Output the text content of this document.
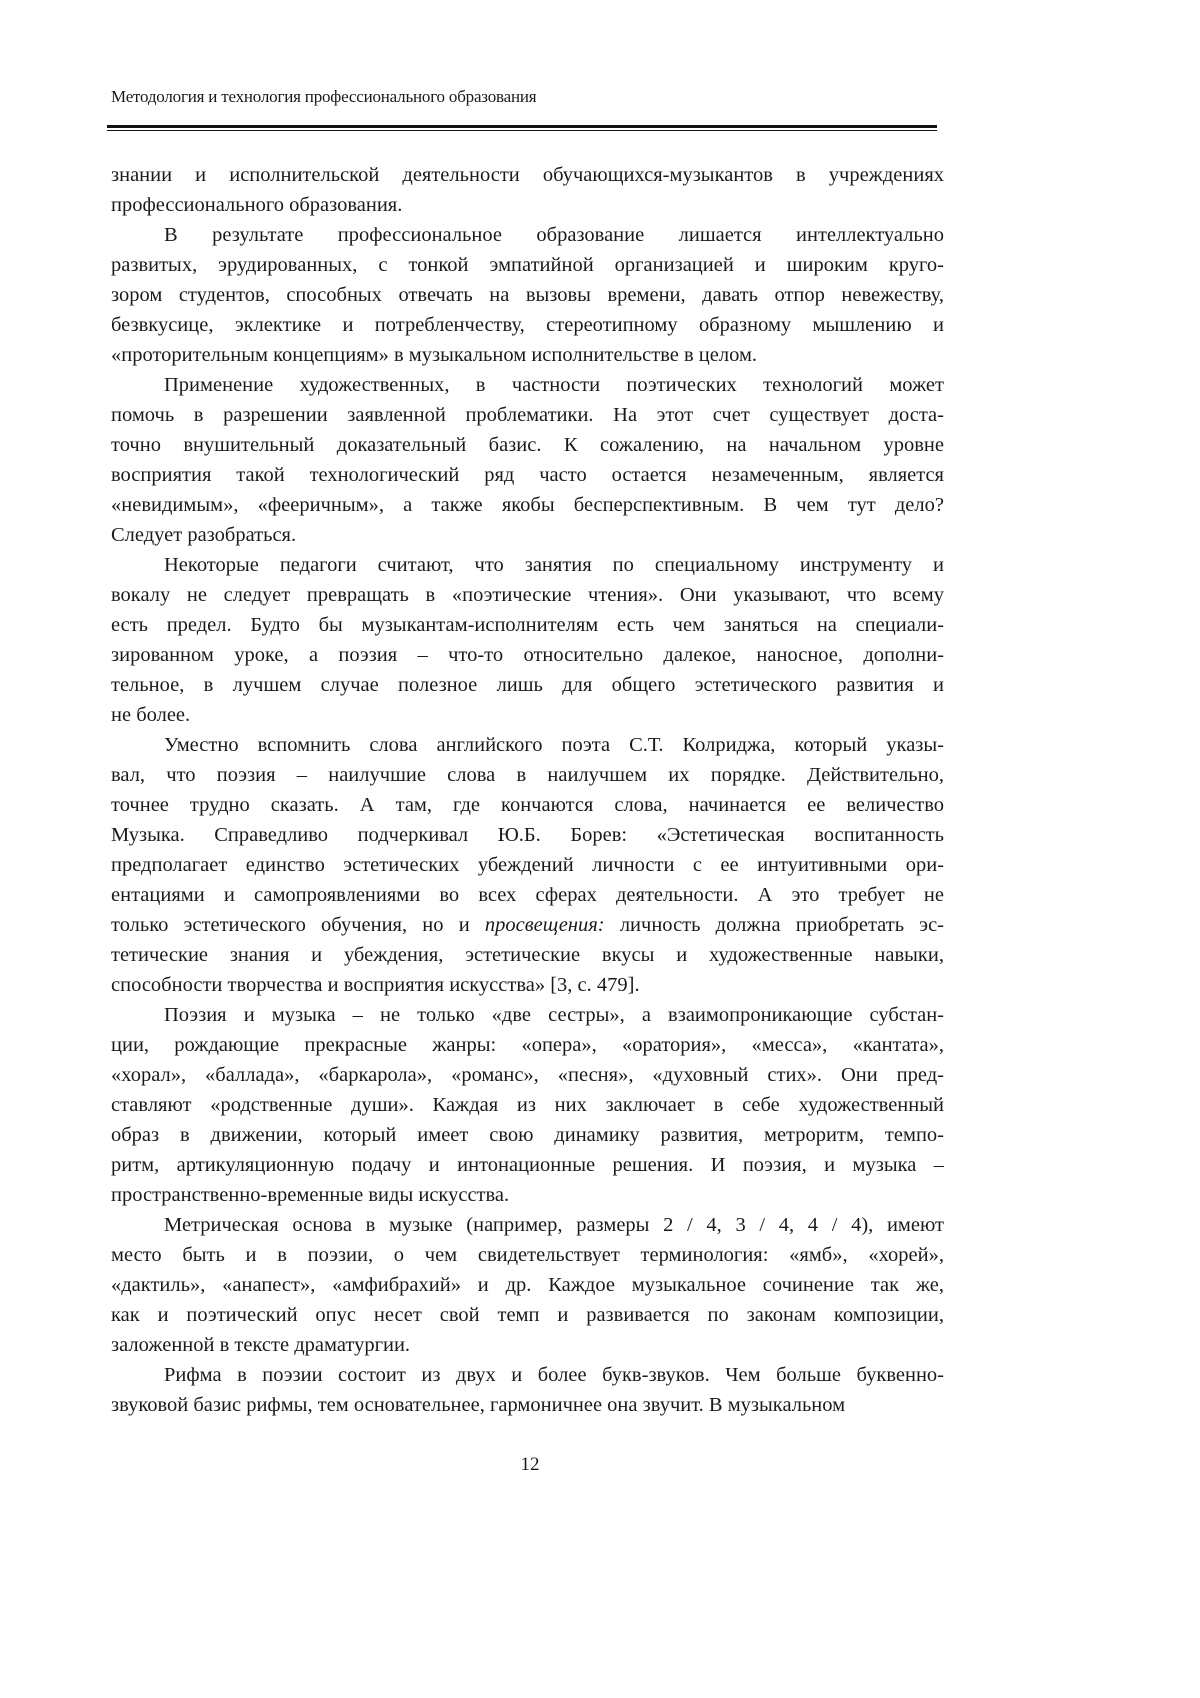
Методология и технология профессионального образования
знании и исполнительской деятельности обучающихся-музыкантов в учреждениях
профессионального образования.
В результате профессиональное образование лишается интеллектуально
развитых, эрудированных, с тонкой эмпатийной организацией и широким круго-
зором студентов, способных отвечать на вызовы времени, давать отпор невежеству,
безвкусице, эклектике и потребленчеству, стереотипному образному мышлению и
«проторительным концепциям» в музыкальном исполнительстве в целом.
Применение художественных, в частности поэтических технологий может
помочь в разрешении заявленной проблематики. На этот счет существует доста-
точно внушительный доказательный базис. К сожалению, на начальном уровне
восприятия такой технологический ряд часто остается незамеченным, является
«невидимым», «фееричным», а также якобы бесперспективным. В чем тут дело?
Следует разобраться.
Некоторые педагоги считают, что занятия по специальному инструменту и
вокалу не следует превращать в «поэтические чтения». Они указывают, что всему
есть предел. Будто бы музыкантам-исполнителям есть чем заняться на специали-
зированном уроке, а поэзия – что-то относительно далекое, наносное, дополни-
тельное, в лучшем случае полезное лишь для общего эстетического развития и
не более.
Уместно вспомнить слова английского поэта С.Т. Колриджа, который указы-
вал, что поэзия – наилучшие слова в наилучшем их порядке. Действительно,
точнее трудно сказать. А там, где кончаются слова, начинается ее величество
Музыка. Справедливо подчеркивал Ю.Б. Борев: «Эстетическая воспитанность
предполагает единство эстетических убеждений личности с ее интуитивными ори-
ентациями и самопроявлениями во всех сферах деятельности. А это требует не
только эстетического обучения, но и просвещения: личность должна приобретать эс-
тетические знания и убеждения, эстетические вкусы и художественные навыки,
способности творчества и восприятия искусства» [3, с. 479].
Поэзия и музыка – не только «две сестры», а взаимопроникающие субстан-
ции, рождающие прекрасные жанры: «опера», «оратория», «месса», «кантата»,
«хорал», «баллада», «баркарола», «романс», «песня», «духовный стих». Они пред-
ставляют «родственные души». Каждая из них заключает в себе художественный
образ в движении, который имеет свою динамику развития, метроритм, темпо-
ритм, артикуляционную подачу и интонационные решения. И поэзия, и музыка –
пространственно-временные виды искусства.
Метрическая основа в музыке (например, размеры 2 / 4, 3 / 4, 4 / 4), имеют
место быть и в поэзии, о чем свидетельствует терминология: «ямб», «хорей»,
«дактиль», «анапест», «амфибрахий» и др. Каждое музыкальное сочинение так же,
как и поэтический опус несет свой темп и развивается по законам композиции,
заложенной в тексте драматургии.
Рифма в поэзии состоит из двух и более букв-звуков. Чем больше буквенно-
звуковой базис рифмы, тем основательнее, гармоничнее она звучит. В музыкальном
12
